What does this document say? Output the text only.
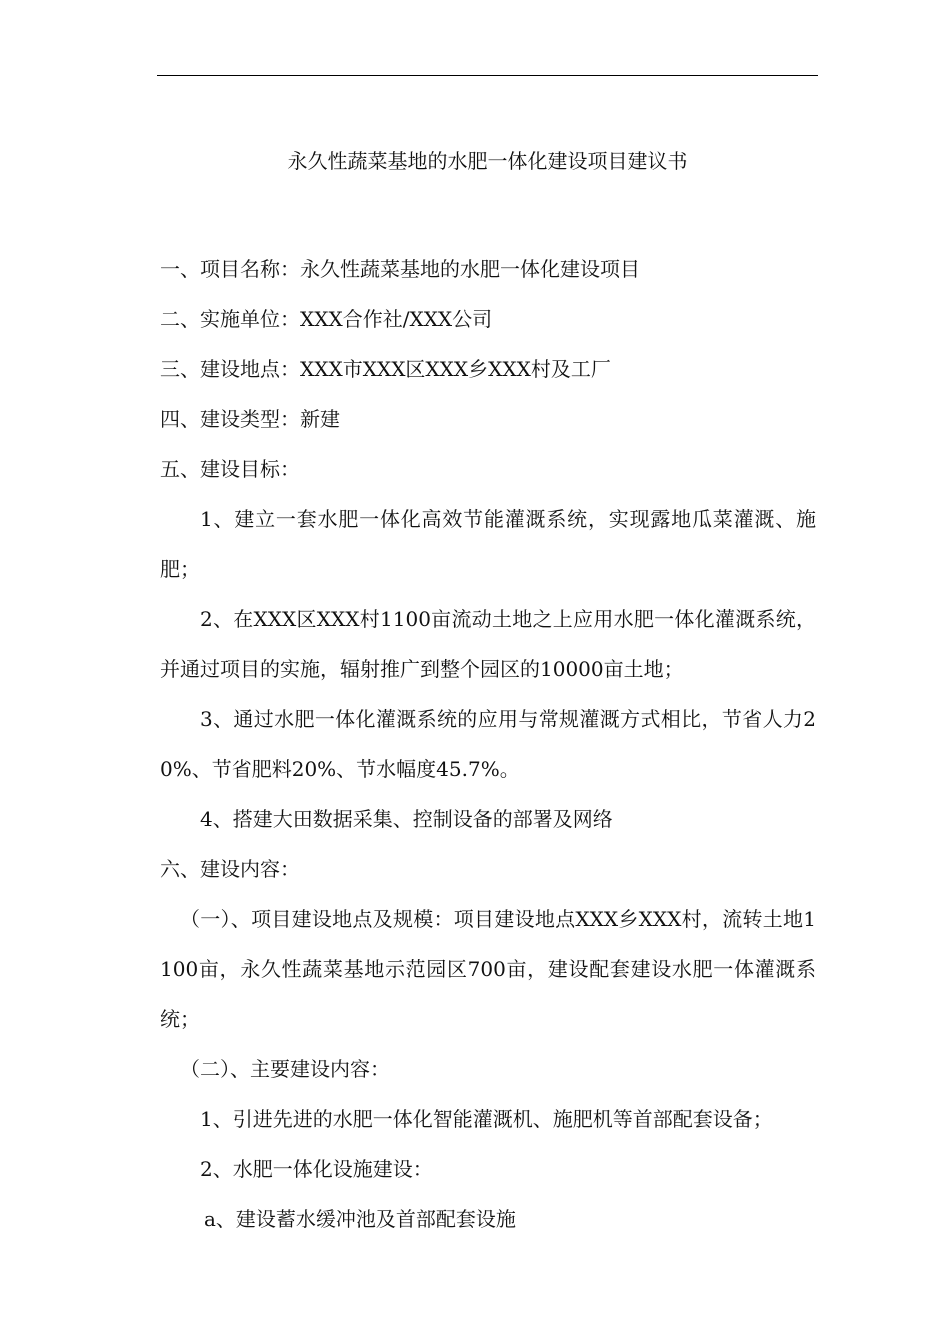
永久性蔬菜基地的水肥一体化建设项目建议书

一、项目名称：永久性蔬菜基地的水肥一体化建设项目

二、实施单位：XXX合作社/XXX公司

三、建设地点：XXX市XXX区XXX乡XXX村及工厂

四、建设类型：新建

五、建设目标：

1、建立一套水肥一体化高效节能灌溉系统，实现露地瓜菜灌溉、施肥；

2、在XXX区XXX村1100亩流动土地之上应用水肥一体化灌溉系统，并通过项目的实施，辐射推广到整个园区的10000亩土地；

3、通过水肥一体化灌溉系统的应用与常规灌溉方式相比，节省人力20%、节省肥料20%、节水幅度45.7%。

4、搭建大田数据采集、控制设备的部署及网络

六、建设内容：

（一）、项目建设地点及规模：项目建设地点XXX乡XXX村，流转土地1100亩，永久性蔬菜基地示范园区700亩，建设配套建设水肥一体灌溉系统；

（二）、主要建设内容：

1、引进先进的水肥一体化智能灌溉机、施肥机等首部配套设备；

2、水肥一体化设施建设：

a、建设蓄水缓冲池及首部配套设施
